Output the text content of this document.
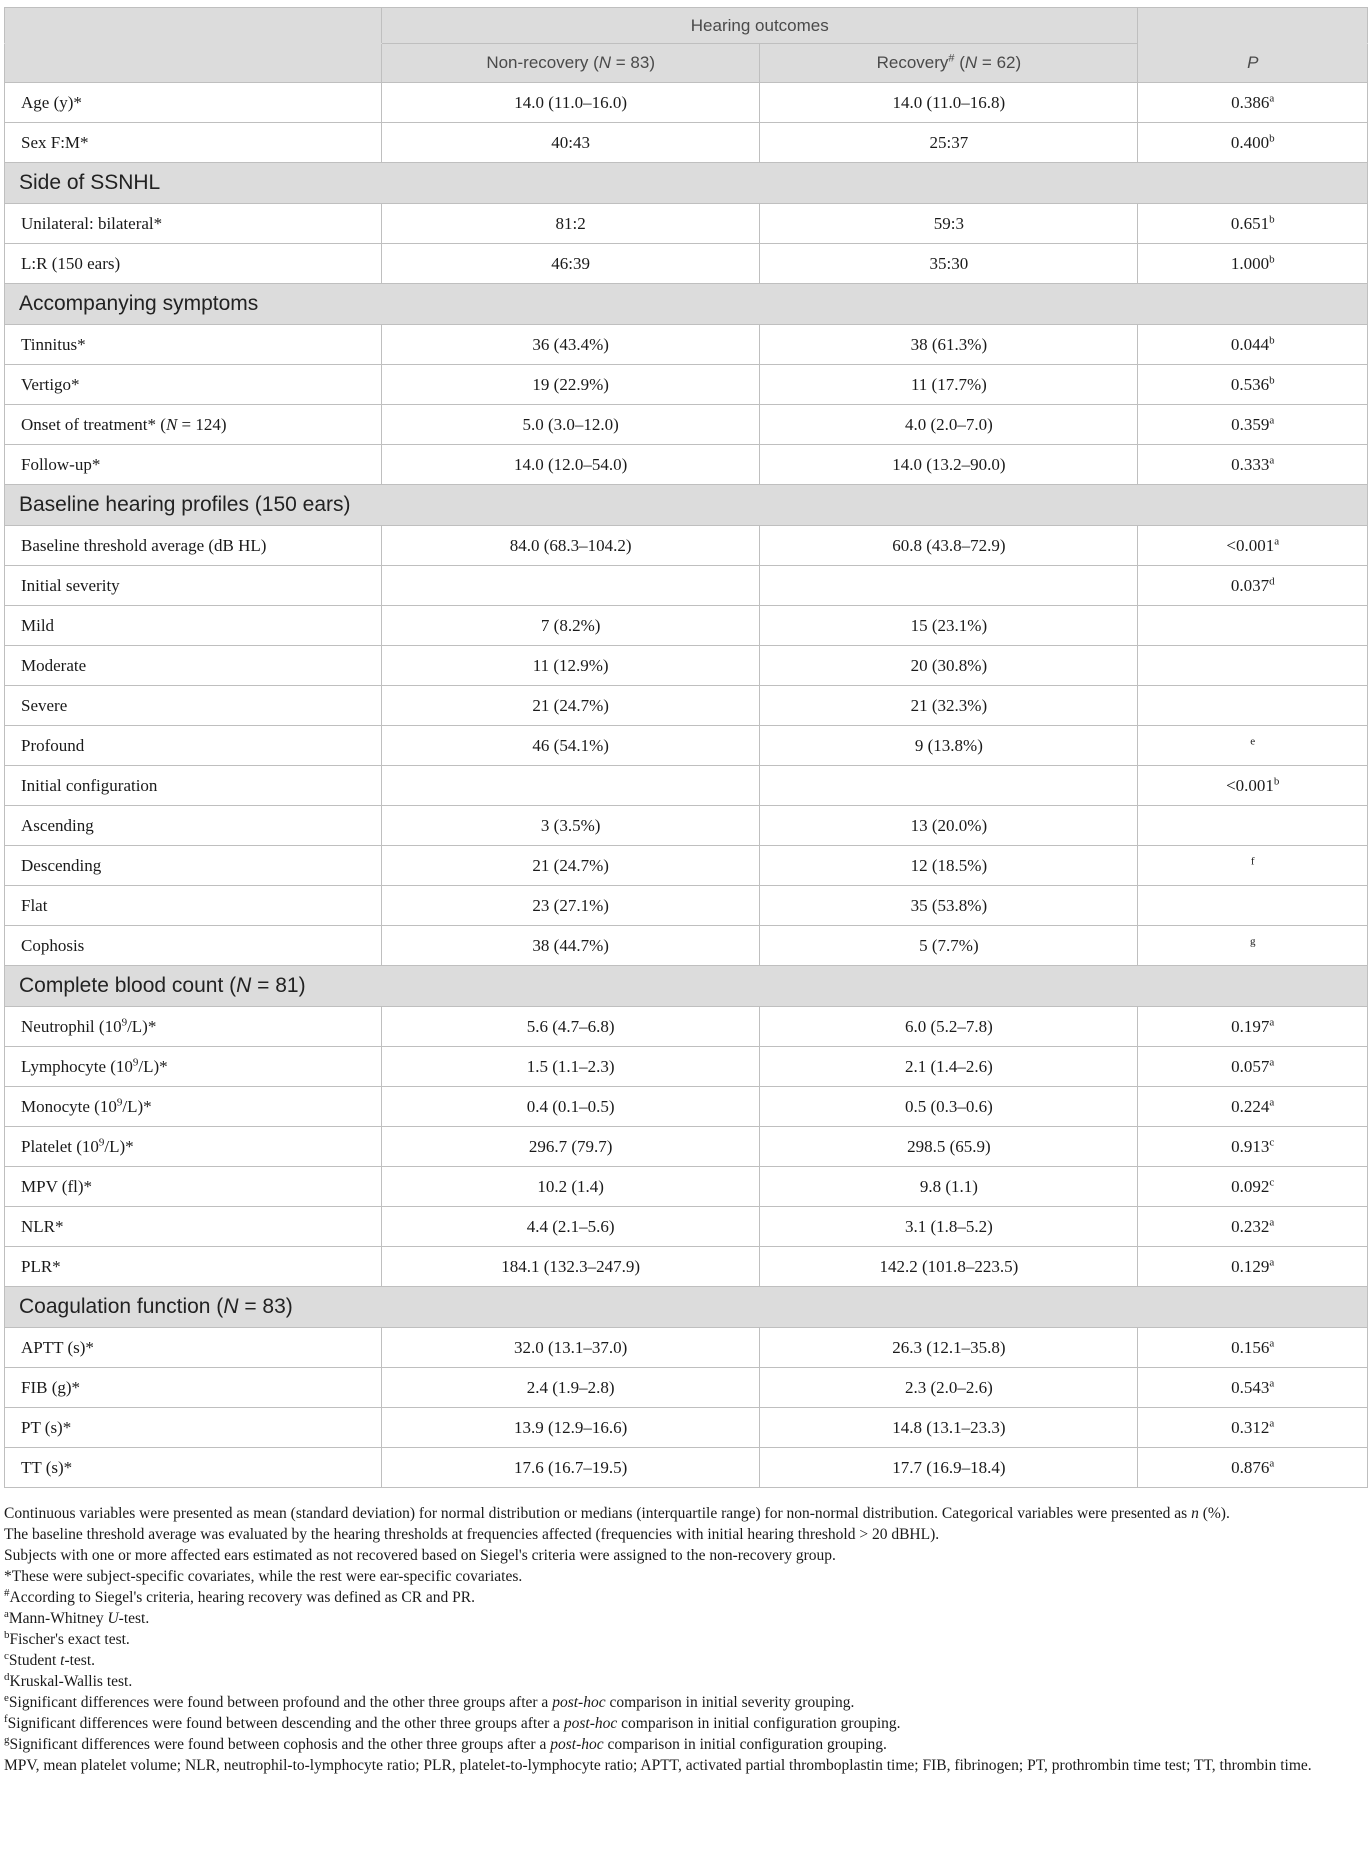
	Hearing outcomes		
	Non-recovery (N = 83)	Recovery# (N = 62)	P
Age (y)*	14.0 (11.0–16.0)	14.0 (11.0–16.8)	0.386$^a$
Sex F:M*	40:43	25:37	0.400$^b$
Side of SSNHL			
Unilateral: bilateral*	81:2	59:3	0.651$^b$
L:R (150 ears)	46:39	35:30	1.000$^b$
Accompanying symptoms			
Tinnitus*	36 (43.4%)	38 (61.3%)	0.044$^b$
Vertigo*	19 (22.9%)	11 (17.7%)	0.536$^b$
Onset of treatment* (N = 124)	5.0 (3.0–12.0)	4.0 (2.0–7.0)	0.359$^a$
Follow-up*	14.0 (12.0–54.0)	14.0 (13.2–90.0)	0.333$^a$
Baseline hearing profiles (150 ears)			
Baseline threshold average (dB HL)	84.0 (68.3–104.2)	60.8 (43.8–72.9)	<0.001$^a$
Initial severity			0.037$^d$
Mild	7 (8.2%)	15 (23.1%)	
Moderate	11 (12.9%)	20 (30.8%)	
Severe	21 (24.7%)	21 (32.3%)	
Profound	46 (54.1%)	9 (13.8%)	$^e$
Initial configuration			<0.001$^b$
Ascending	3 (3.5%)	13 (20.0%)	
Descending	21 (24.7%)	12 (18.5%)	$^f$
Flat	23 (27.1%)	35 (53.8%)	
Cophosis	38 (44.7%)	5 (7.7%)	$^g$
Complete blood count (N = 81)			
Neutrophil $(10^9/L)*$	5.6 (4.7–6.8)	6.0 (5.2–7.8)	0.197$^a$
Lymphocyte $(10^9/L)*$	1.5 (1.1–2.3)	2.1 (1.4–2.6)	0.057$^a$
Monocyte $(10^9/L)*$	0.4 (0.1–0.5)	0.5 (0.3–0.6)	0.224$^a$
Platelet $(10^9/L)*$	296.7 (79.7)	298.5 (65.9)	0.913$^c$
MPV (fl)*	10.2 (1.4)	9.8 (1.1)	0.092$^c$
NLR*	4.4 (2.1–5.6)	3.1 (1.8–5.2)	0.232$^a$
PLR*	184.1 (132.3–247.9)	142.2 (101.8–223.5)	0.129$^a$
Coagulation function (N = 83)			
APTT (s)*	32.0 (13.1–37.0)	26.3 (12.1–35.8)	0.156$^a$
FIB (g)*	2.4 (1.9–2.8)	2.3 (2.0–2.6)	0.543$^a$
PT (s)*	13.9 (12.9–16.6)	14.8 (13.1–23.3)	0.312$^a$
TT (s)*	17.6 (16.7–19.5)	17.7 (16.9–18.4)	0.876$^a$

Continuous variables were presented as mean (standard deviation) for normal distribution or medians (interquartile range) for non-normal distribution. Categorical variables were presented as n (%).

The baseline threshold average was evaluated by the hearing thresholds at frequencies affected (frequencies with initial hearing threshold > 20 dBHL).

Subjects with one or more affected ears estimated as not recovered based on Siegel's criteria were assigned to the non-recovery group.

*These were subject-specific covariates, while the rest were ear-specific covariates.

#According to Siegel's criteria, hearing recovery was defined as CR and PR.

$^a$Mann-Whitney U-test.

$^b$Fischer's exact test.

$^c$Student t-test.

$^d$Kruskal-Wallis test.

$^e$Significant differences were found between profound and the other three groups after a post-hoc comparison in initial severity grouping.

$^f$Significant differences were found between descending and the other three groups after a post-hoc comparison in initial configuration grouping.

$^g$Significant differences were found between cophosis and the other three groups after a post-hoc comparison in initial configuration grouping.

MPV, mean platelet volume; NLR, neutrophil-to-lymphocyte ratio; PLR, platelet-to-lymphocyte ratio; APTT, activated partial thromboplastin time; FIB, fibrinogen; PT, prothrombin time test; TT, thrombin time.
